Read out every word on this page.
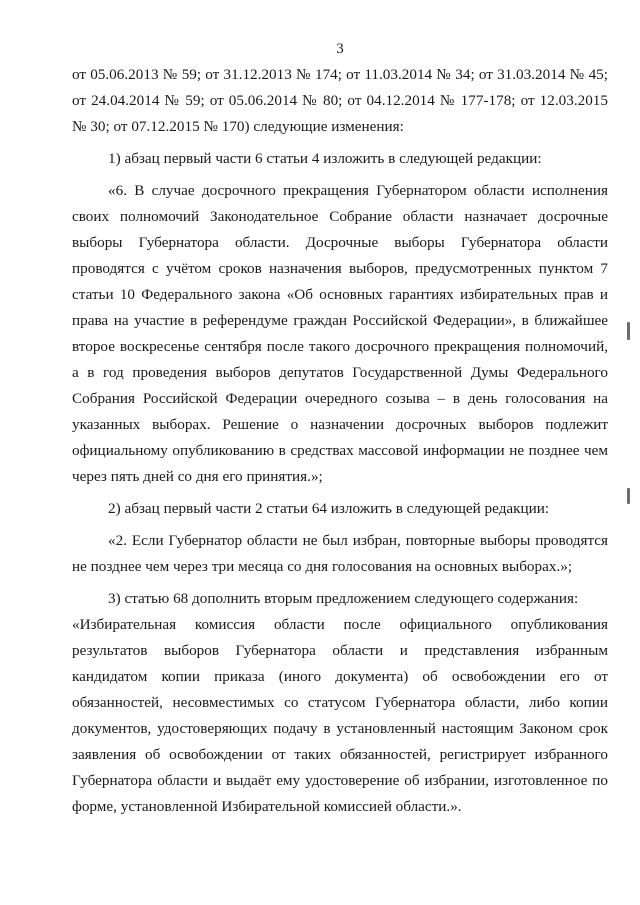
3
от 05.06.2013 № 59; от 31.12.2013 № 174; от 11.03.2014 № 34; от 31.03.2014 № 45;
от 24.04.2014 № 59; от 05.06.2014 № 80; от 04.12.2014 № 177-178; от 12.03.2015
№ 30; от 07.12.2015 № 170) следующие изменения:
1) абзац первый части 6 статьи 4 изложить в следующей редакции:
«6. В случае досрочного прекращения Губернатором области исполнения
своих полномочий Законодательное Собрание области назначает досрочные
выборы Губернатора области. Досрочные выборы Губернатора области
проводятся с учётом сроков назначения выборов, предусмотренных пунктом 7
статьи 10 Федерального закона «Об основных гарантиях избирательных прав и
права на участие в референдуме граждан Российской Федерации», в ближайшее
второе воскресенье сентября после такого досрочного прекращения полномочий,
а в год проведения выборов депутатов Государственной Думы Федерального
Собрания Российской Федерации очередного созыва – в день голосования на
указанных выборах. Решение о назначении досрочных выборов подлежит
официальному опубликованию в средствах массовой информации не позднее чем
через пять дней со дня его принятия.»;
2) абзац первый части 2 статьи 64 изложить в следующей редакции:
«2. Если Губернатор области не был избран, повторные выборы проводятся
не позднее чем через три месяца со дня голосования на основных выборах.»;
3) статью 68 дополнить вторым предложением следующего содержания:
«Избирательная комиссия области после официального опубликования
результатов выборов Губернатора области и представления избранным
кандидатом копии приказа (иного документа) об освобождении его от
обязанностей, несовместимых со статусом Губернатора области, либо копии
документов, удостоверяющих подачу в установленный настоящим Законом срок
заявления об освобождении от таких обязанностей, регистрирует избранного
Губернатора области и выдаёт ему удостоверение об избрании, изготовленное по
форме, установленной Избирательной комиссией области.».
